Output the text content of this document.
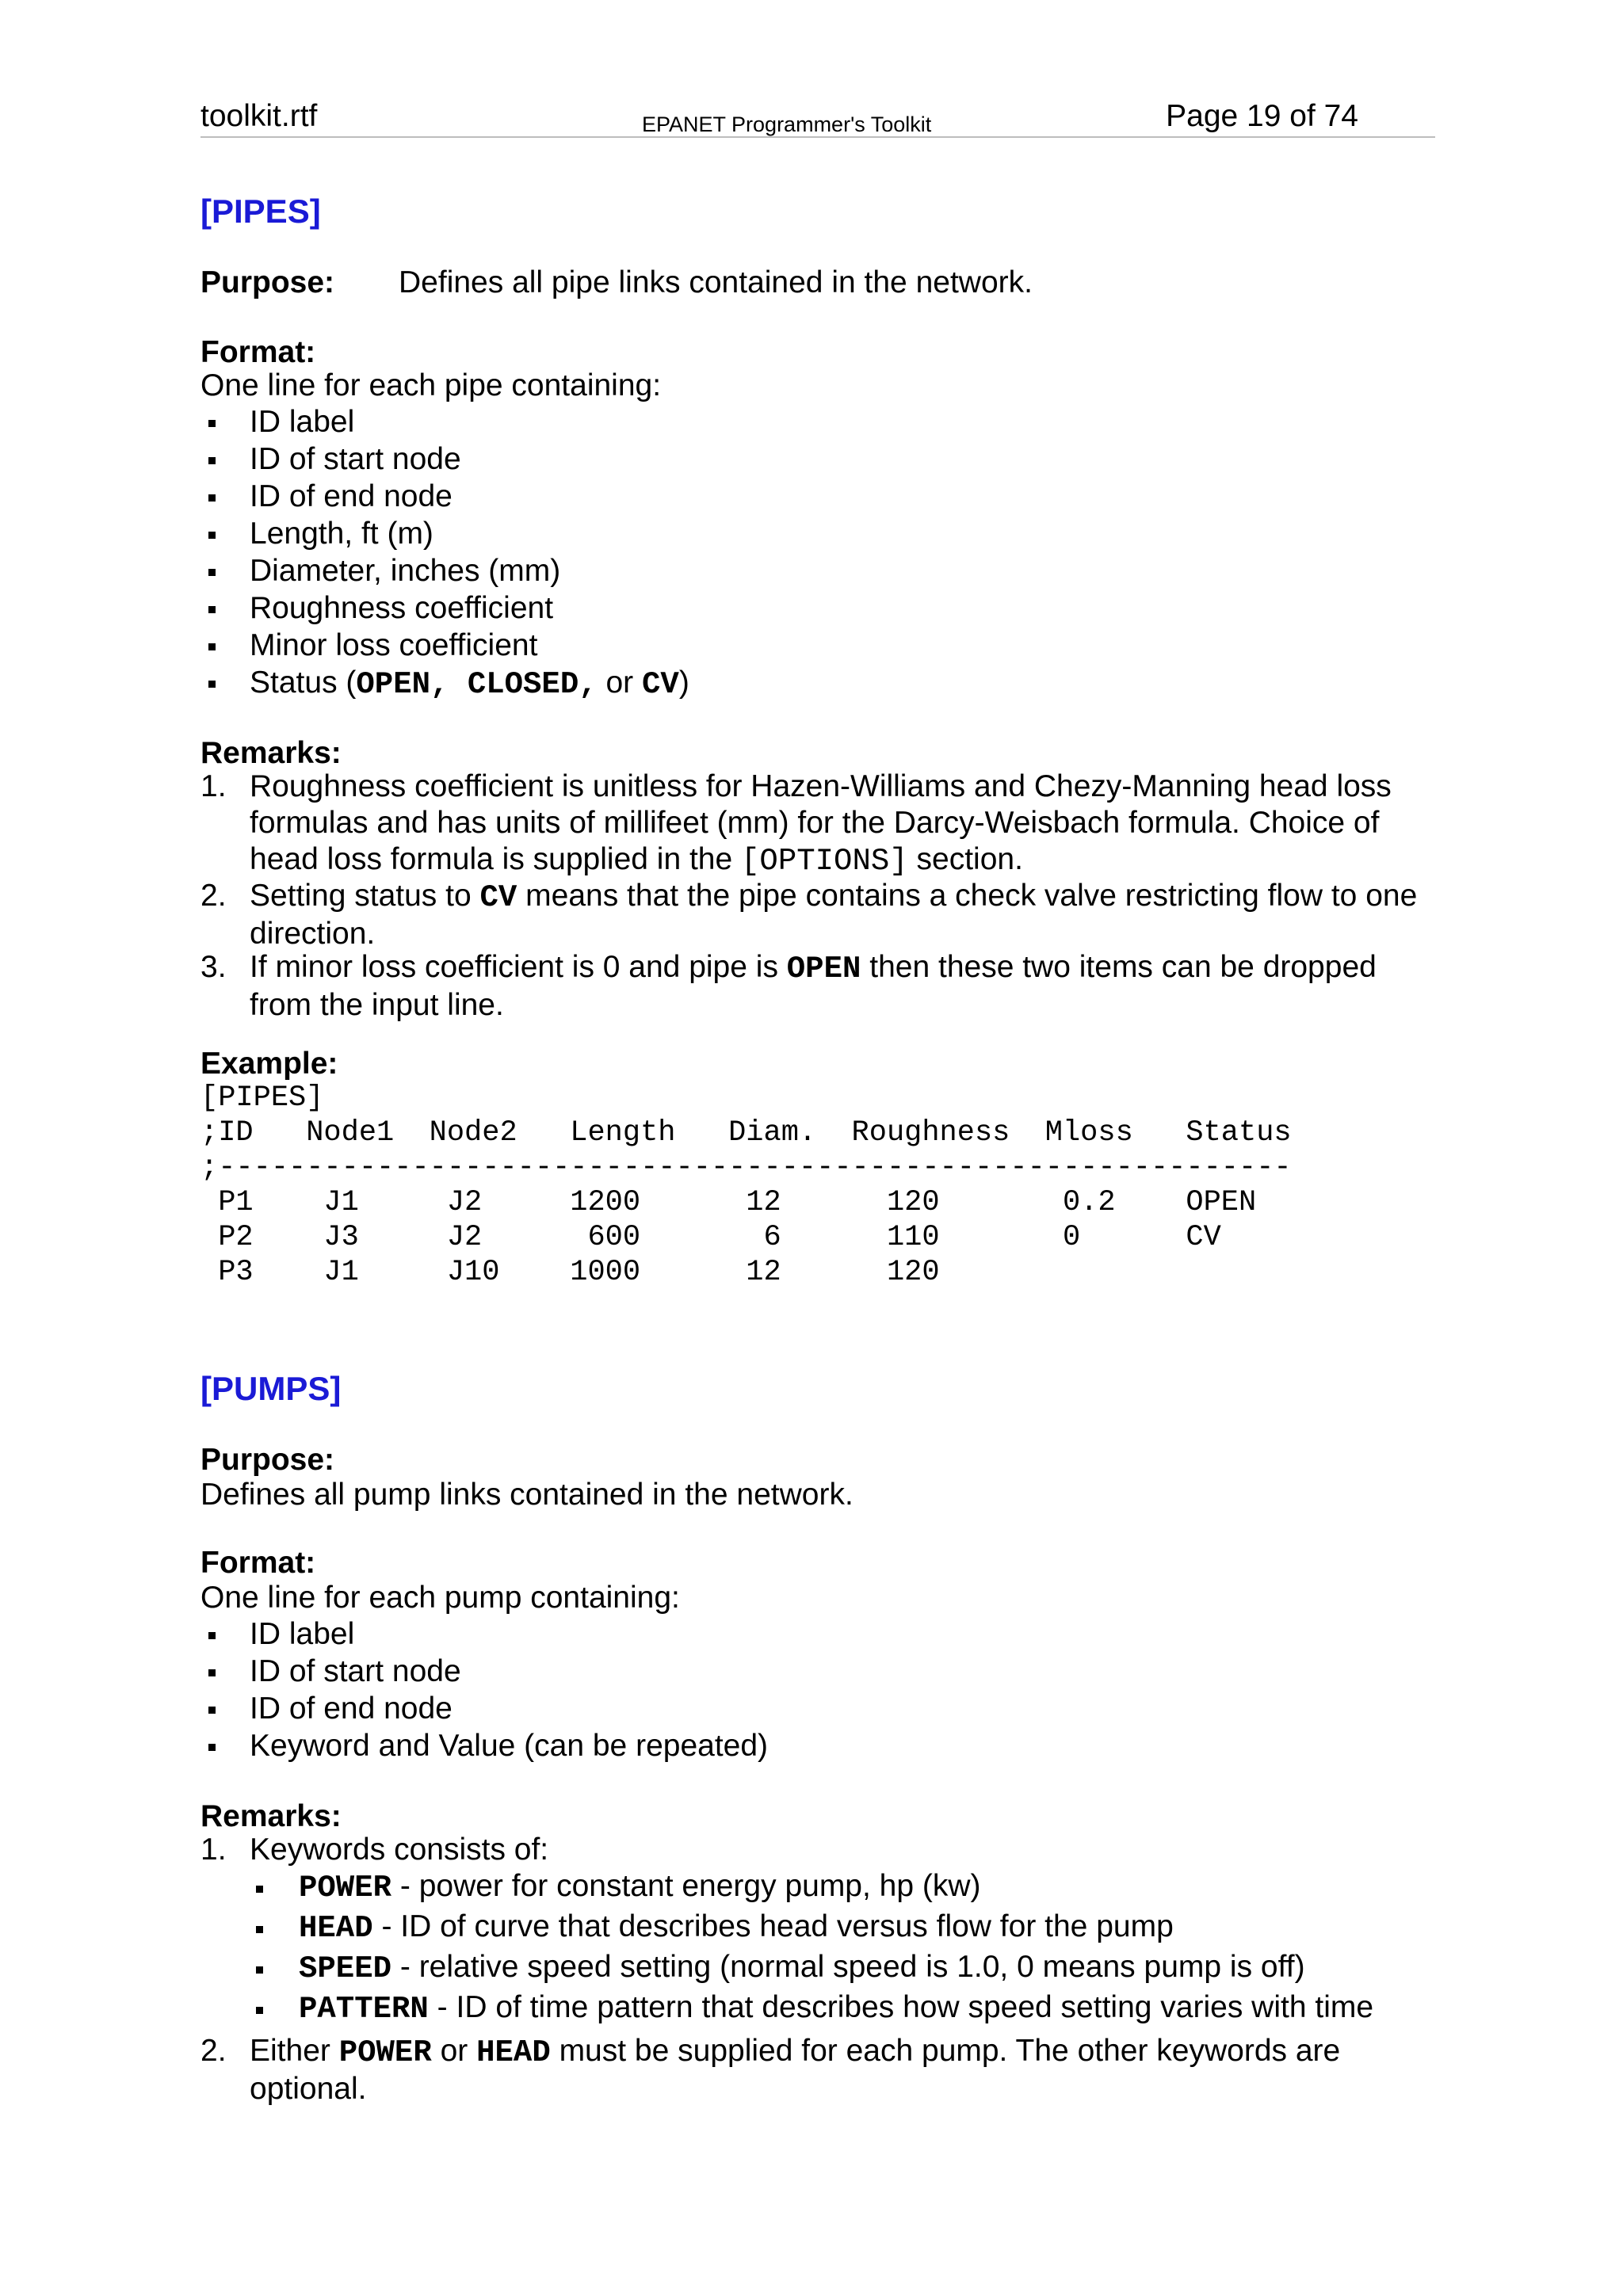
toolkit.rtf	EPANET Programmer's Toolkit	Page 19 of 74
[PIPES]
Purpose: Defines all pipe links contained in the network.
Format:
One line for each pipe containing:
ID label
ID of start node
ID of end node
Length, ft (m)
Diameter, inches (mm)
Roughness coefficient
Minor loss coefficient
Status (OPEN, CLOSED, or CV)
Remarks:
1. Roughness coefficient is unitless for Hazen-Williams and Chezy-Manning head loss formulas and has units of millifeet (mm) for the Darcy-Weisbach formula. Choice of head loss formula is supplied in the [OPTIONS] section.
2. Setting status to CV means that the pipe contains a check valve restricting flow to one direction.
3. If minor loss coefficient is 0 and pipe is OPEN then these two items can be dropped from the input line.
Example:
[PIPES]
;ID   Node1  Node2   Length   Diam.  Roughness  Mloss   Status
;-------------------------------------------------------------
P1    J1     J2     1200      12      120       0.2    OPEN
P2    J3     J2      600       6      110       0      CV
P3    J1     J10    1000      12      120
[PUMPS]
Purpose:
Defines all pump links contained in the network.
Format:
One line for each pump containing:
ID label
ID of start node
ID of end node
Keyword and Value (can be repeated)
Remarks:
1. Keywords consists of:
POWER - power for constant energy pump, hp (kw)
HEAD - ID of curve that describes head versus flow for the pump
SPEED - relative speed setting (normal speed is 1.0, 0 means pump is off)
PATTERN - ID of time pattern that describes how speed setting varies with time
2. Either POWER or HEAD must be supplied for each pump. The other keywords are optional.
